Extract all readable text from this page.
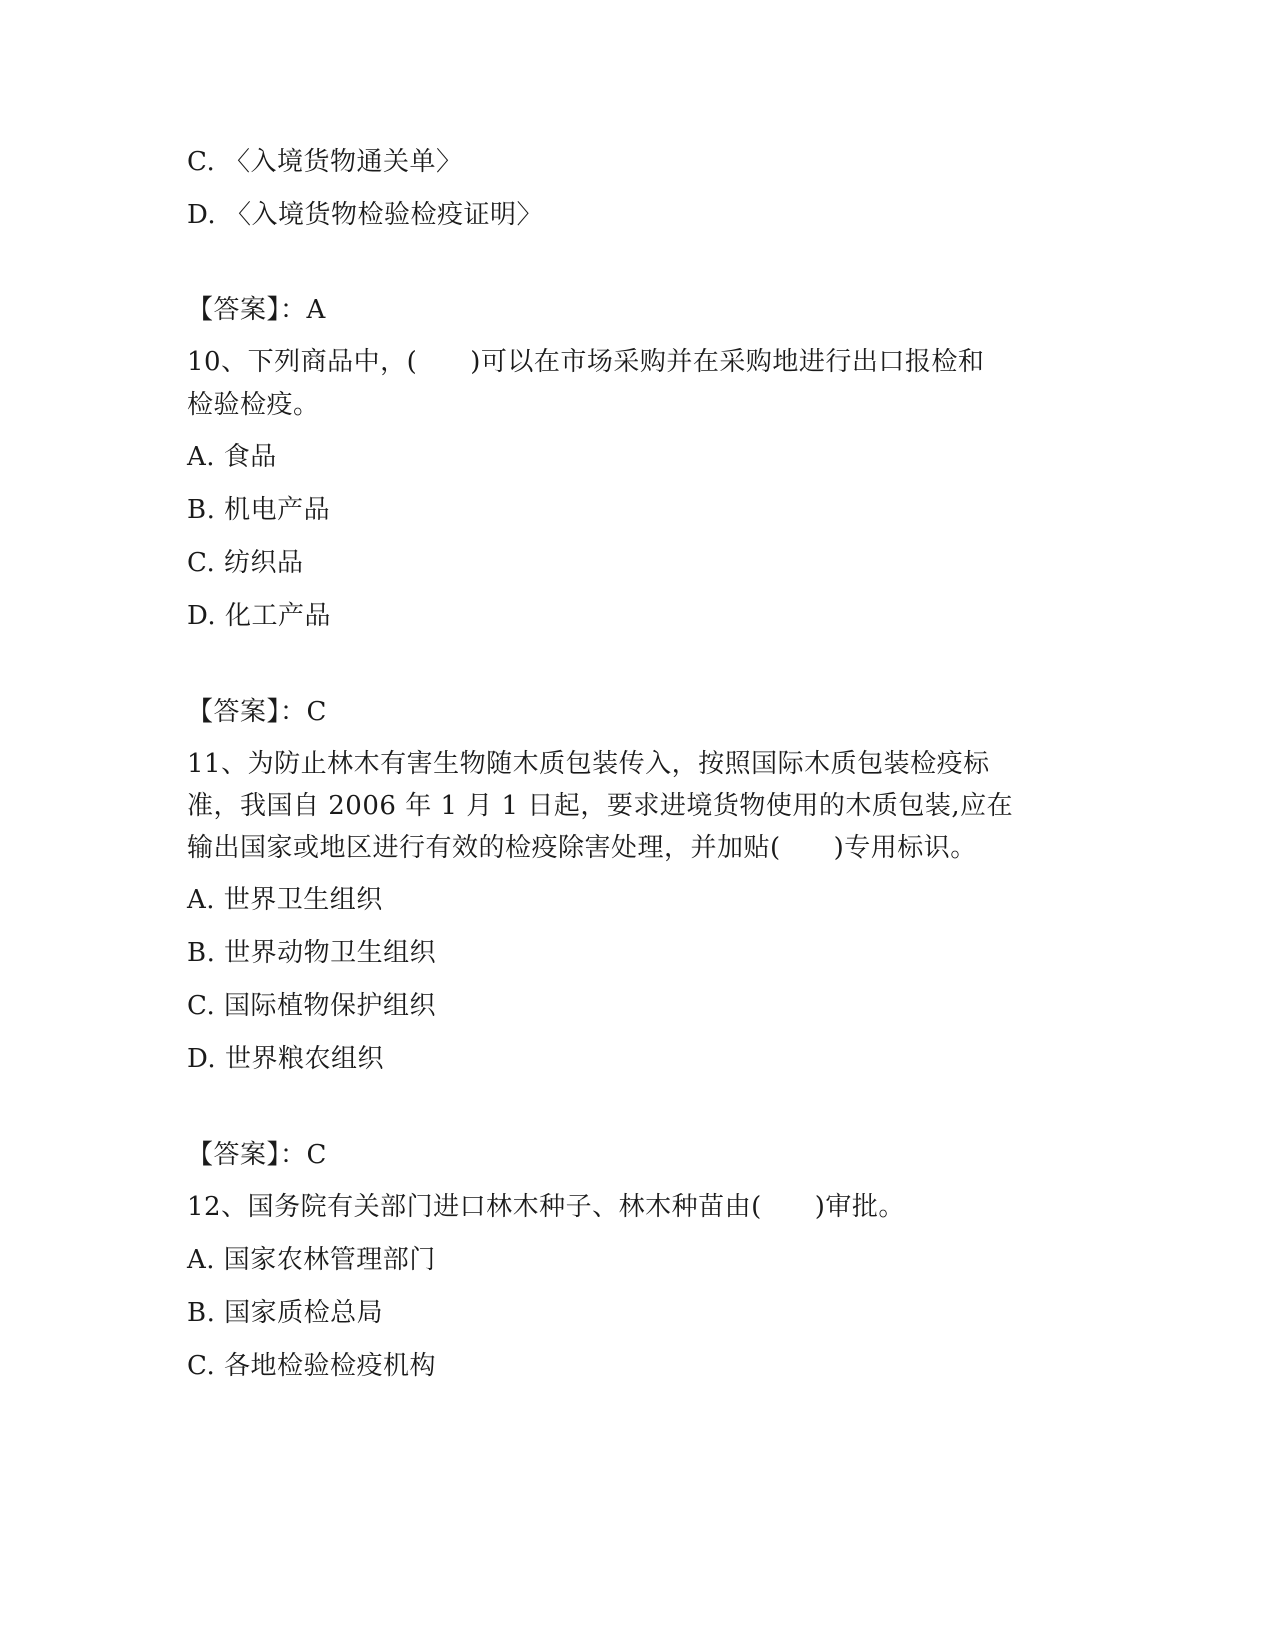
C. 〈入境货物通关单〉
D. 〈入境货物检验检疫证明〉
【答案】：A
10、下列商品中，(　　)可以在市场采购并在采购地进行出口报检和
检验检疫。
A. 食品
B. 机电产品
C. 纺织品
D. 化工产品
【答案】：C
11、为防止林木有害生物随木质包装传入，按照国际木质包装检疫标
准，我国自 2006 年 1 月 1 日起，要求进境货物使用的木质包装,应在
输出国家或地区进行有效的检疫除害处理，并加贴(　　)专用标识。
A. 世界卫生组织
B. 世界动物卫生组织
C. 国际植物保护组织
D. 世界粮农组织
【答案】：C
12、国务院有关部门进口林木种子、林木种苗由(　　)审批。
A. 国家农林管理部门
B. 国家质检总局
C. 各地检验检疫机构
